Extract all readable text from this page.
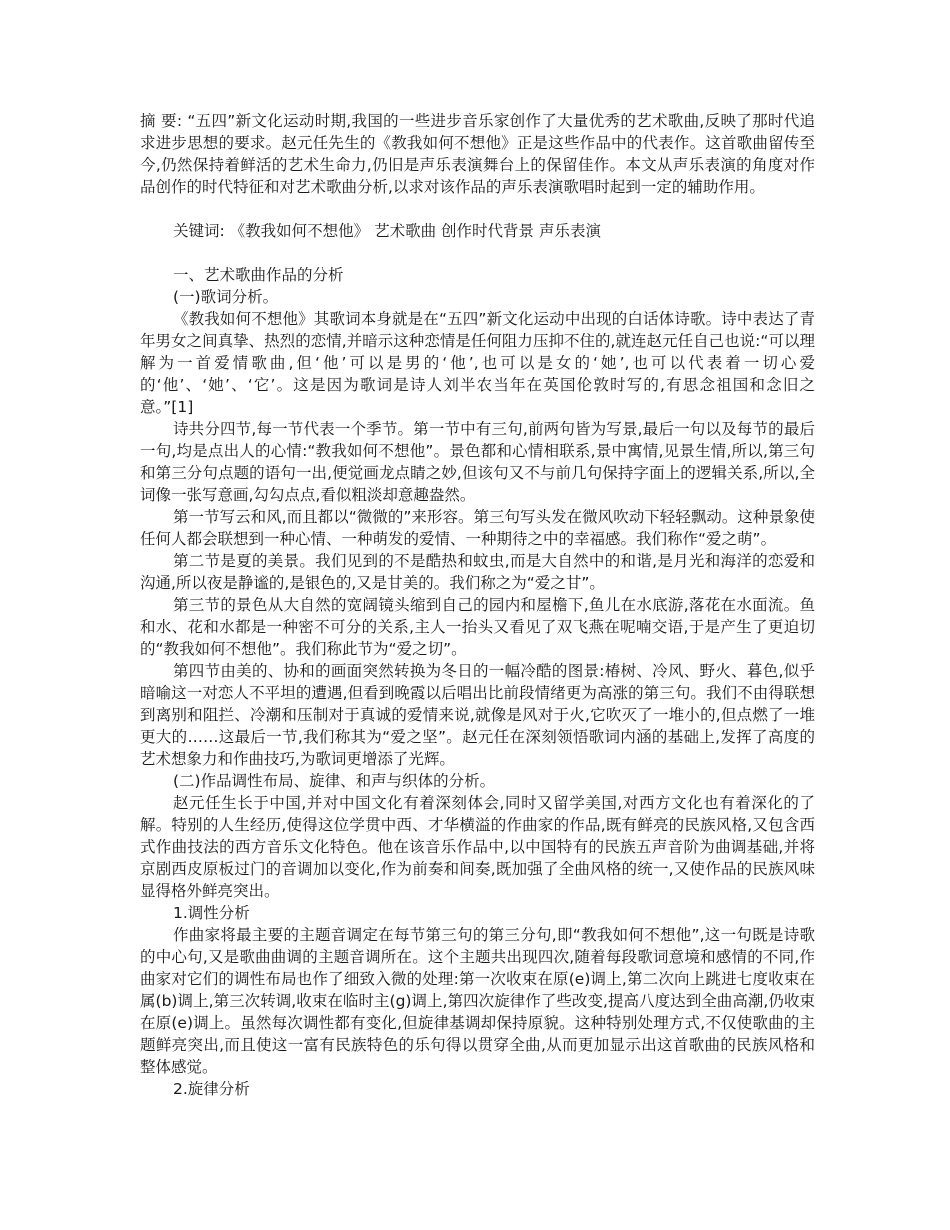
摘 要: “五四”新文化运动时期,我国的一些进步音乐家创作了大量优秀的艺术歌曲,反映了那时代追求进步思想的要求。赵元任先生的《教我如何不想他》正是这些作品中的代表作。这首歌曲留传至今,仍然保持着鲜活的艺术生命力,仍旧是声乐表演舞台上的保留佳作。本文从声乐表演的角度对作品创作的时代特征和对艺术歌曲分析,以求对该作品的声乐表演歌唱时起到一定的辅助作用。

关键词: 《教我如何不想他》 艺术歌曲 创作时代背景 声乐表演

一、艺术歌曲作品的分析

(一)歌词分析。

《教我如何不想他》其歌词本身就是在“五四”新文化运动中出现的白话体诗歌。诗中表达了青年男女之间真挚、热烈的恋情,并暗示这种恋情是任何阻力压抑不住的,就连赵元任自己也说:“可以理解为一首爱情歌曲,但‘他’可以是男的‘他’,也可以是女的‘她’,也可以代表着一切心爱的‘他’、‘她’、‘它’。这是因为歌词是诗人刘半农当年在英国伦敦时写的,有思念祖国和念旧之意。”[1]

诗共分四节,每一节代表一个季节。第一节中有三句,前两句皆为写景,最后一句以及每节的最后一句,均是点出人的心情:“教我如何不想他”。景色都和心情相联系,景中寓情,见景生情,所以,第三句和第三分句点题的语句一出,便觉画龙点睛之妙,但该句又不与前几句保持字面上的逻辑关系,所以,全词像一张写意画,勾勾点点,看似粗淡却意趣盎然。

第一节写云和风,而且都以“微微的”来形容。第三句写头发在微风吹动下轻轻飘动。这种景象使任何人都会联想到一种心情、一种萌发的爱情、一种期待之中的幸福感。我们称作“爱之萌”。

第二节是夏的美景。我们见到的不是酷热和蚊虫,而是大自然中的和谐,是月光和海洋的恋爱和沟通,所以夜是静谧的,是银色的,又是甘美的。我们称之为“爱之甘”。

第三节的景色从大自然的宽阔镜头缩到自己的园内和屋檐下,鱼儿在水底游,落花在水面流。鱼和水、花和水都是一种密不可分的关系,主人一抬头又看见了双飞燕在呢喃交语,于是产生了更迫切的“教我如何不想他”。我们称此节为“爱之切”。

第四节由美的、协和的画面突然转换为冬日的一幅冷酷的图景:椿树、冷风、野火、暮色,似乎暗喻这一对恋人不平坦的遭遇,但看到晚霞以后唱出比前段情绪更为高涨的第三句。我们不由得联想到离别和阻拦、冷潮和压制对于真诚的爱情来说,就像是风对于火,它吹灭了一堆小的,但点燃了一堆更大的……这最后一节,我们称其为“爱之坚”。赵元任在深刻领悟歌词内涵的基础上,发挥了高度的艺术想象力和作曲技巧,为歌词更增添了光辉。

(二)作品调性布局、旋律、和声与织体的分析。

赵元任生长于中国,并对中国文化有着深刻体会,同时又留学美国,对西方文化也有着深化的了解。特别的人生经历,使得这位学贯中西、才华横溢的作曲家的作品,既有鲜亮的民族风格,又包含西式作曲技法的西方音乐文化特色。他在该音乐作品中,以中国特有的民族五声音阶为曲调基础,并将京剧西皮原板过门的音调加以变化,作为前奏和间奏,既加强了全曲风格的统一,又使作品的民族风味显得格外鲜亮突出。

1.调性分析

作曲家将最主要的主题音调定在每节第三句的第三分句,即“教我如何不想他”,这一句既是诗歌的中心句,又是歌曲曲调的主题音调所在。这个主题共出现四次,随着每段歌词意境和感情的不同,作曲家对它们的调性布局也作了细致入微的处理:第一次收束在原(e)调上,第二次向上跳进七度收束在属(b)调上,第三次转调,收束在临时主(g)调上,第四次旋律作了些改变,提高八度达到全曲高潮,仍收束在原(e)调上。虽然每次调性都有变化,但旋律基调却保持原貌。这种特别处理方式,不仅使歌曲的主题鲜亮突出,而且使这一富有民族特色的乐句得以贯穿全曲,从而更加显示出这首歌曲的民族风格和整体感觉。

2.旋律分析
